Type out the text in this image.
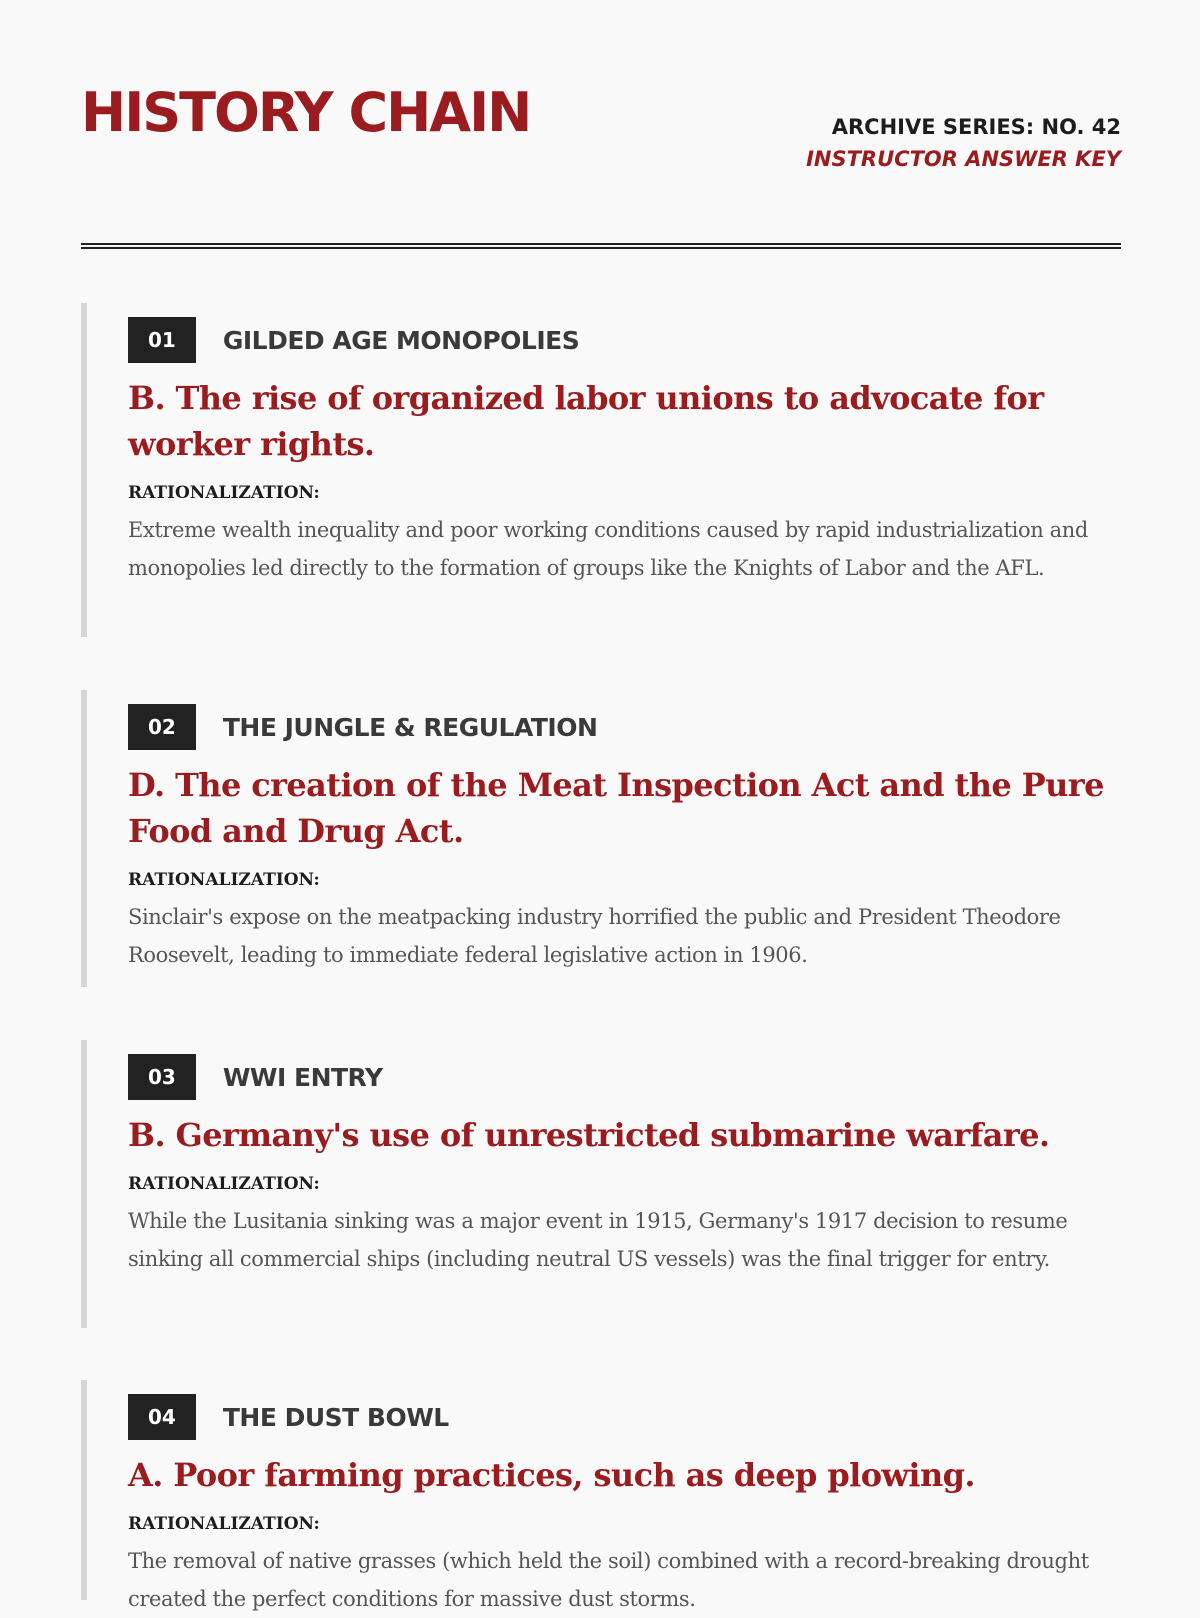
HISTORY CHAIN	ARCHIVE SERIES: NO. 42
INSTRUCTOR ANSWER KEY
01	GILDED AGE MONOPOLIES
B. The rise of organized labor unions to advocate for worker rights.
RATIONALIZATION:
Extreme wealth inequality and poor working conditions caused by rapid industrialization and monopolies led directly to the formation of groups like the Knights of Labor and the AFL.
02	THE JUNGLE & REGULATION
D. The creation of the Meat Inspection Act and the Pure Food and Drug Act.
RATIONALIZATION:
Sinclair's expose on the meatpacking industry horrified the public and President Theodore Roosevelt, leading to immediate federal legislative action in 1906.
03	WWI ENTRY
B. Germany's use of unrestricted submarine warfare.
RATIONALIZATION:
While the Lusitania sinking was a major event in 1915, Germany's 1917 decision to resume sinking all commercial ships (including neutral US vessels) was the final trigger for entry.
04	THE DUST BOWL
A. Poor farming practices, such as deep plowing.
RATIONALIZATION:
The removal of native grasses (which held the soil) combined with a record-breaking drought created the perfect conditions for massive dust storms.
